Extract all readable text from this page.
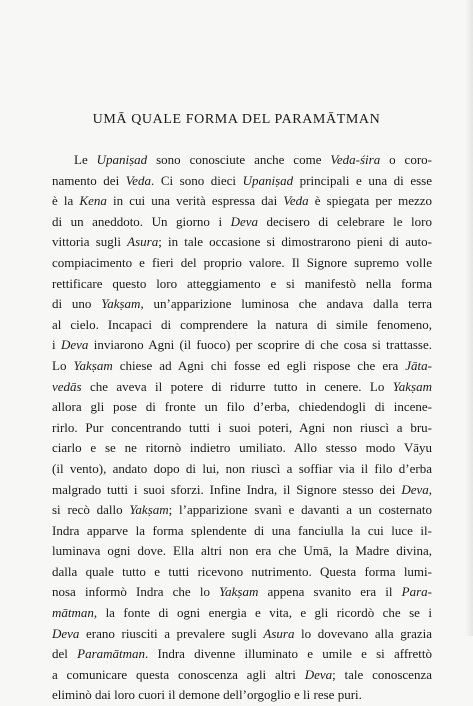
UMĀ QUALE FORMA DEL PARAMĀTMAN
Le Upaniṣad sono conosciute anche come Veda-śira o coro-
namento dei Veda. Ci sono dieci Upaniṣad principali e una di esse
è la Kena in cui una verità espressa dai Veda è spiegata per mezzo
di un aneddoto. Un giorno i Deva decisero di celebrare le loro
vittoria sugli Asura; in tale occasione si dimostrarono pieni di auto-
compiacimento e fieri del proprio valore. Il Signore supremo volle
rettificare questo loro atteggiamento e si manifestò nella forma
di uno Yakṣam, un’apparizione luminosa che andava dalla terra
al cielo. Incapaci di comprendere la natura di simile fenomeno,
i Deva inviarono Agni (il fuoco) per scoprire di che cosa si trattasse.
Lo Yakṣam chiese ad Agni chi fosse ed egli rispose che era Jāta-
vedās che aveva il potere di ridurre tutto in cenere. Lo Yakṣam
allora gli pose di fronte un filo d’erba, chiedendogli di incene-
rirlo. Pur concentrando tutti i suoi poteri, Agni non riuscì a bru-
ciarlo e se ne ritornò indietro umiliato. Allo stesso modo Vāyu
(il vento), andato dopo di lui, non riuscì a soffiar via il filo d’erba
malgrado tutti i suoi sforzi. Infine Indra, il Signore stesso dei Deva,
si recò dallo Yakṣam; l’apparizione svanì e davanti a un costernato
Indra apparve la forma splendente di una fanciulla la cui luce il-
luminava ogni dove. Ella altri non era che Umā, la Madre divina,
dalla quale tutto e tutti ricevono nutrimento. Questa forma lumi-
nosa informò Indra che lo Yakṣam appena svanito era il Para-
mātman, la fonte di ogni energia e vita, e gli ricordò che se i
Deva erano riusciti a prevalere sugli Asura lo dovevano alla grazia
del Paramātman. Indra divenne illuminato e umile e si affrettò
a comunicare questa conoscenza agli altri Deva; tale conoscenza
eliminò dai loro cuori il demone dell’orgoglio e li rese puri.
